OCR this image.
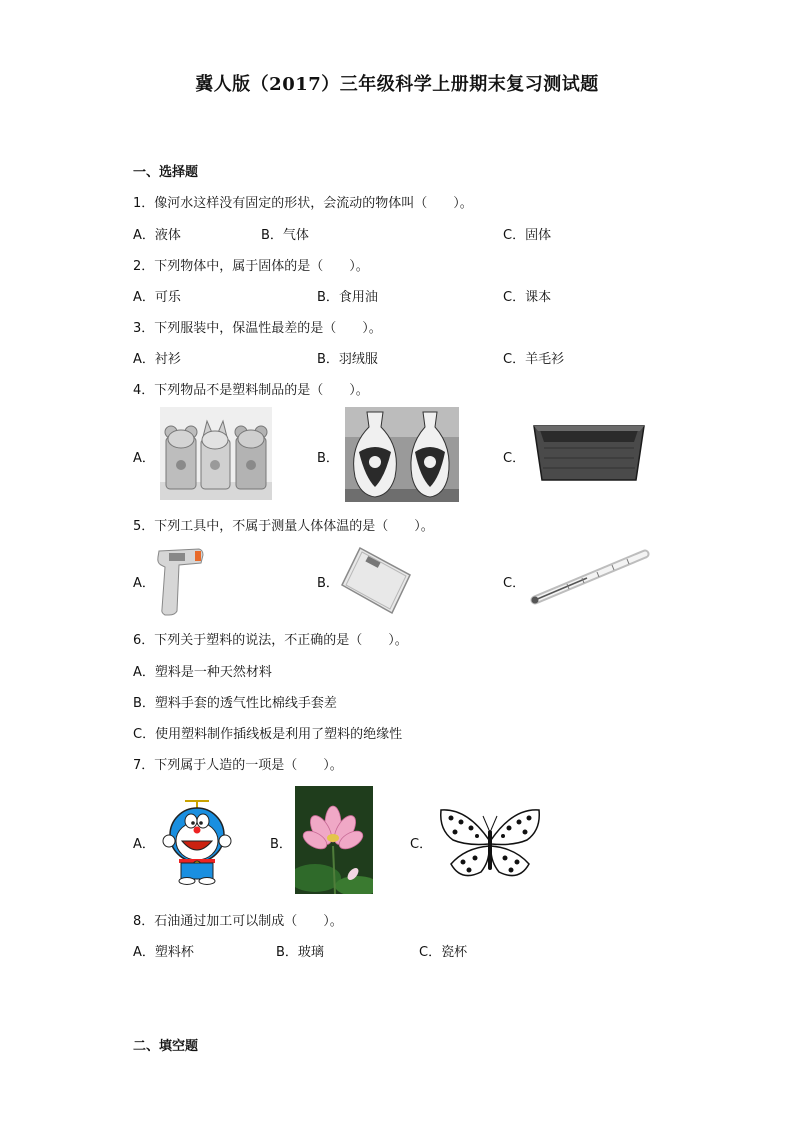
冀人版（2017）三年级科学上册期末复习测试题
一、选择题
1．像河水这样没有固定的形状，会流动的物体叫（　　）。
A．液体	B．气体	C．固体
2．下列物体中，属于固体的是（　　）。
A．可乐	B．食用油	C．课本
3．下列服装中，保温性最差的是（　　）。
A．衬衫	B．羽绒服	C．羊毛衫
4．下列物品不是塑料制品的是（　　）。
A．	B．	C．
5．下列工具中，不属于测量人体体温的是（　　）。
A．	B．	C．
6．下列关于塑料的说法，不正确的是（　　）。
A．塑料是一种天然材料
B．塑料手套的透气性比棉线手套差
C．使用塑料制作插线板是利用了塑料的绝缘性
7．下列属于人造的一项是（　　）。
A．	B．	C．
8．石油通过加工可以制成（　　）。
A．塑料杯	B．玻璃	C．瓷杯
二、填空题
